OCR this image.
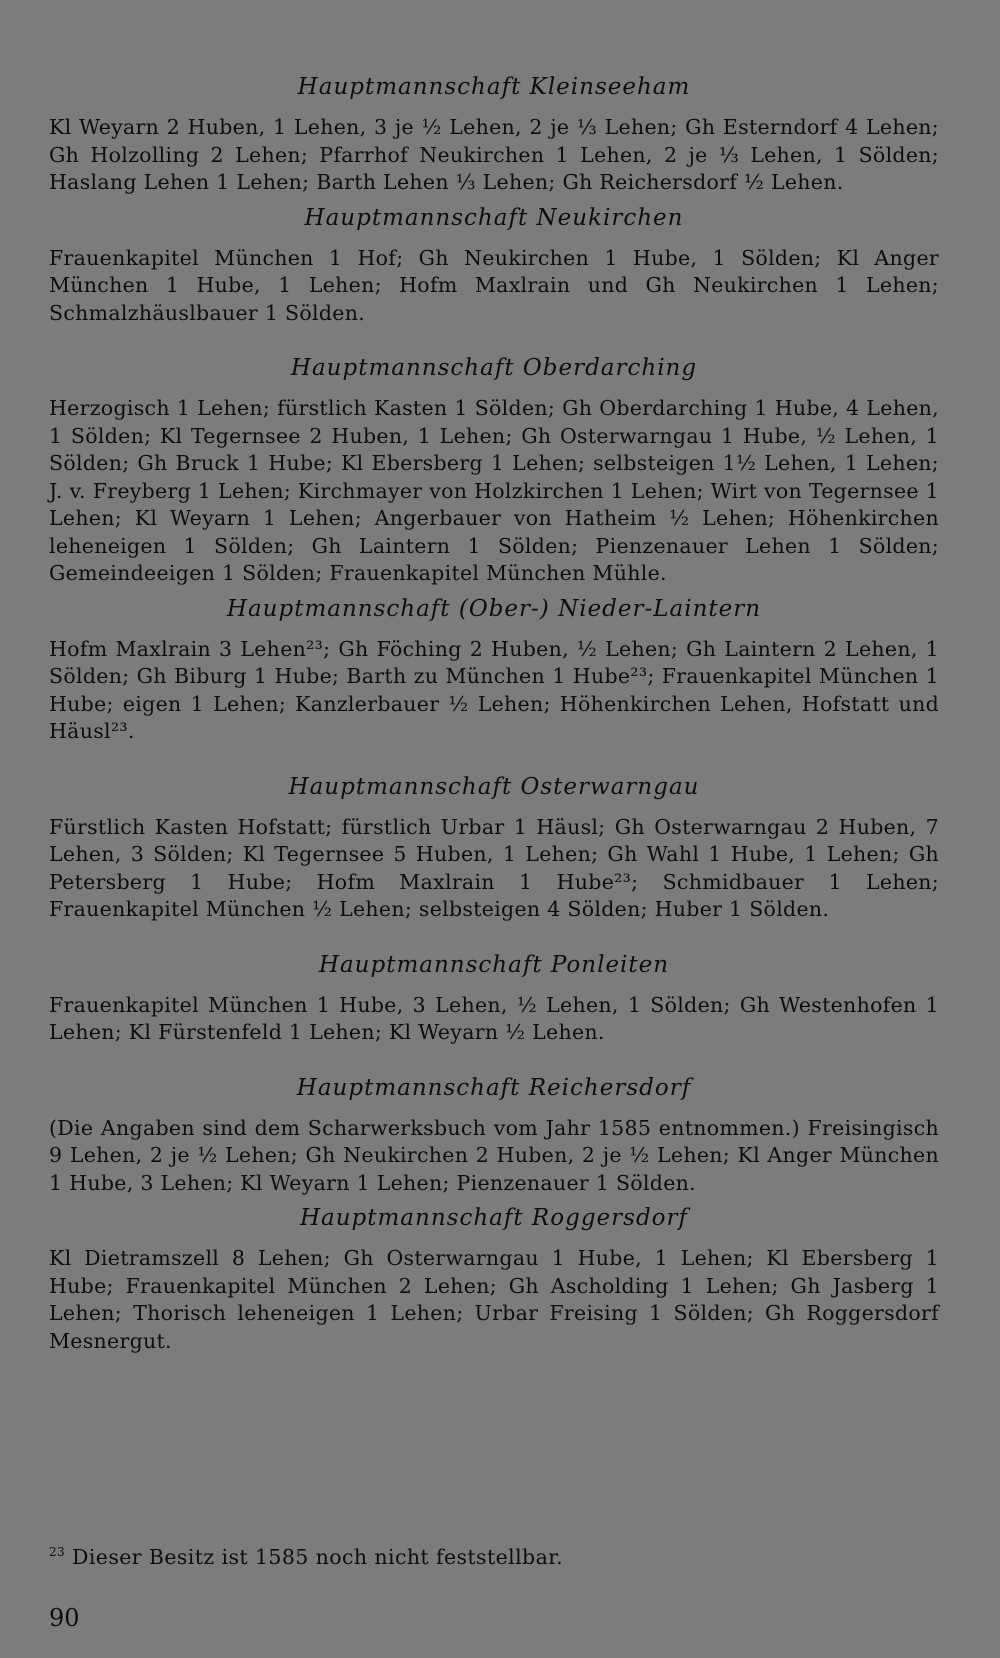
Hauptmannschaft Kleinseeham

Kl Weyarn 2 Huben, 1 Lehen, 3 je ½ Lehen, 2 je ⅓ Lehen; Gh Esterndorf 4 Lehen; Gh Holzolling 2 Lehen; Pfarrhof Neukirchen 1 Lehen, 2 je ⅓ Lehen, 1 Sölden; Haslang Lehen 1 Lehen; Barth Lehen ⅓ Lehen; Gh Reichersdorf ½ Lehen.

Hauptmannschaft Neukirchen

Frauenkapitel München 1 Hof; Gh Neukirchen 1 Hube, 1 Sölden; Kl Anger München 1 Hube, 1 Lehen; Hofm Maxlrain und Gh Neukirchen 1 Lehen; Schmalzhäuslbauer 1 Sölden.

Hauptmannschaft Oberdarching

Herzogisch 1 Lehen; fürstlich Kasten 1 Sölden; Gh Oberdarching 1 Hube, 4 Lehen, 1 Sölden; Kl Tegernsee 2 Huben, 1 Lehen; Gh Osterwarngau 1 Hube, ½ Lehen, 1 Sölden; Gh Bruck 1 Hube; Kl Ebersberg 1 Lehen; selbsteigen 1½ Lehen, 1 Lehen; J. v. Freyberg 1 Lehen; Kirchmayer von Holzkirchen 1 Lehen; Wirt von Tegernsee 1 Lehen; Kl Weyarn 1 Lehen; Angerbauer von Hatheim ½ Lehen; Höhenkirchen leheneigen 1 Sölden; Gh Laintern 1 Sölden; Pienzenauer Lehen 1 Sölden; Gemeindeeigen 1 Sölden; Frauenkapitel München Mühle.

Hauptmannschaft (Ober-) Nieder-Laintern

Hofm Maxlrain 3 Lehen²³; Gh Föching 2 Huben, ½ Lehen; Gh Laintern 2 Lehen, 1 Sölden; Gh Biburg 1 Hube; Barth zu München 1 Hube²³; Frauenkapitel München 1 Hube; eigen 1 Lehen; Kanzlerbauer ½ Lehen; Höhenkirchen Lehen, Hofstatt und Häusl²³.

Hauptmannschaft Osterwarngau

Fürstlich Kasten Hofstatt; fürstlich Urbar 1 Häusl; Gh Osterwarngau 2 Huben, 7 Lehen, 3 Sölden; Kl Tegernsee 5 Huben, 1 Lehen; Gh Wahl 1 Hube, 1 Lehen; Gh Petersberg 1 Hube; Hofm Maxlrain 1 Hube²³; Schmidbauer 1 Lehen; Frauenkapitel München ½ Lehen; selbsteigen 4 Sölden; Huber 1 Sölden.

Hauptmannschaft Ponleiten

Frauenkapitel München 1 Hube, 3 Lehen, ½ Lehen, 1 Sölden; Gh Westenhofen 1 Lehen; Kl Fürstenfeld 1 Lehen; Kl Weyarn ½ Lehen.

Hauptmannschaft Reichersdorf

(Die Angaben sind dem Scharwerksbuch vom Jahr 1585 entnommen.) Freisingisch 9 Lehen, 2 je ½ Lehen; Gh Neukirchen 2 Huben, 2 je ½ Lehen; Kl Anger München 1 Hube, 3 Lehen; Kl Weyarn 1 Lehen; Pienzenauer 1 Sölden.

Hauptmannschaft Roggersdorf

Kl Dietramszell 8 Lehen; Gh Osterwarngau 1 Hube, 1 Lehen; Kl Ebersberg 1 Hube; Frauenkapitel München 2 Lehen; Gh Ascholding 1 Lehen; Gh Jasberg 1 Lehen; Thorisch leheneigen 1 Lehen; Urbar Freising 1 Sölden; Gh Roggersdorf Mesnergut.

$^{23}$ Dieser Besitz ist 1585 noch nicht feststellbar.
90
